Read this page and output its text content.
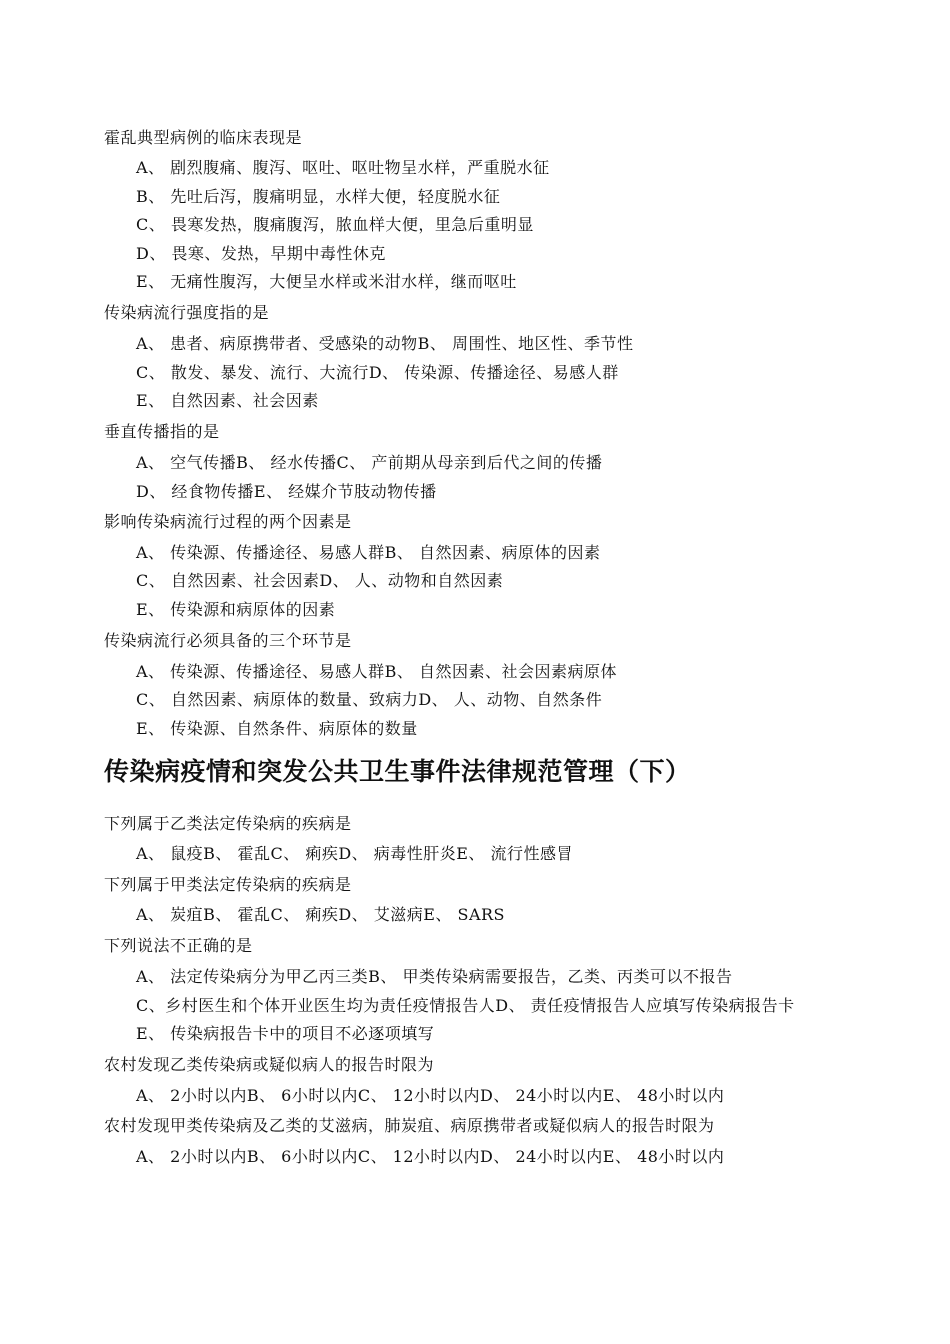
霍乱典型病例的临床表现是
A、 剧烈腹痛、腹泻、呕吐、呕吐物呈水样，严重脱水征
B、 先吐后泻，腹痛明显，水样大便，轻度脱水征
C、 畏寒发热，腹痛腹泻，脓血样大便，里急后重明显
D、 畏寒、发热，早期中毒性休克
E、 无痛性腹泻，大便呈水样或米泔水样，继而呕吐
传染病流行强度指的是
A、 患者、病原携带者、受感染的动物B、 周围性、地区性、季节性
C、 散发、暴发、流行、大流行D、 传染源、传播途径、易感人群
E、 自然因素、社会因素
垂直传播指的是
A、 空气传播B、 经水传播C、 产前期从母亲到后代之间的传播
D、 经食物传播E、 经媒介节肢动物传播
影响传染病流行过程的两个因素是
A、 传染源、传播途径、易感人群B、 自然因素、病原体的因素
C、 自然因素、社会因素D、 人、动物和自然因素
E、 传染源和病原体的因素
传染病流行必须具备的三个环节是
A、 传染源、传播途径、易感人群B、 自然因素、社会因素病原体
C、 自然因素、病原体的数量、致病力D、 人、动物、自然条件
E、 传染源、自然条件、病原体的数量
传染病疫情和突发公共卫生事件法律规范管理（下）
下列属于乙类法定传染病的疾病是
A、 鼠疫B、 霍乱C、 痢疾D、 病毒性肝炎E、 流行性感冒
下列属于甲类法定传染病的疾病是
A、 炭疽B、 霍乱C、 痢疾D、 艾滋病E、 SARS
下列说法不正确的是
A、 法定传染病分为甲乙丙三类B、 甲类传染病需要报告，乙类、丙类可以不报告
C、乡村医生和个体开业医生均为责任疫情报告人D、 责任疫情报告人应填写传染病报告卡
E、 传染病报告卡中的项目不必逐项填写
农村发现乙类传染病或疑似病人的报告时限为
A、 2小时以内B、 6小时以内C、 12小时以内D、 24小时以内E、 48小时以内
农村发现甲类传染病及乙类的艾滋病，肺炭疽、病原携带者或疑似病人的报告时限为
A、 2小时以内B、 6小时以内C、 12小时以内D、 24小时以内E、 48小时以内
